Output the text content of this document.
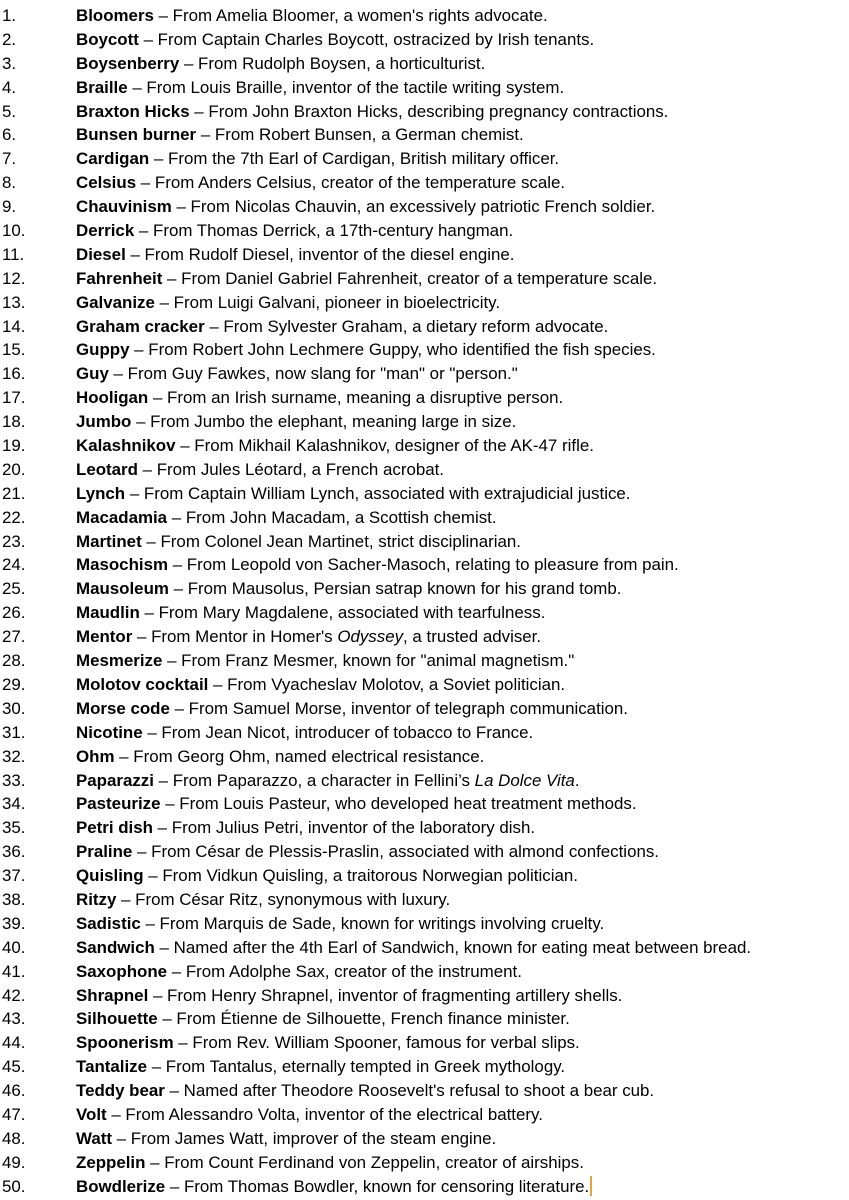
1.	Bloomers – From Amelia Bloomer, a women's rights advocate.
2.	Boycott – From Captain Charles Boycott, ostracized by Irish tenants.
3.	Boysenberry – From Rudolph Boysen, a horticulturist.
4.	Braille – From Louis Braille, inventor of the tactile writing system.
5.	Braxton Hicks – From John Braxton Hicks, describing pregnancy contractions.
6.	Bunsen burner – From Robert Bunsen, a German chemist.
7.	Cardigan – From the 7th Earl of Cardigan, British military officer.
8.	Celsius – From Anders Celsius, creator of the temperature scale.
9.	Chauvinism – From Nicolas Chauvin, an excessively patriotic French soldier.
10.	Derrick – From Thomas Derrick, a 17th-century hangman.
11.	Diesel – From Rudolf Diesel, inventor of the diesel engine.
12.	Fahrenheit – From Daniel Gabriel Fahrenheit, creator of a temperature scale.
13.	Galvanize – From Luigi Galvani, pioneer in bioelectricity.
14.	Graham cracker – From Sylvester Graham, a dietary reform advocate.
15.	Guppy – From Robert John Lechmere Guppy, who identified the fish species.
16.	Guy – From Guy Fawkes, now slang for "man" or "person."
17.	Hooligan – From an Irish surname, meaning a disruptive person.
18.	Jumbo – From Jumbo the elephant, meaning large in size.
19.	Kalashnikov – From Mikhail Kalashnikov, designer of the AK-47 rifle.
20.	Leotard – From Jules Léotard, a French acrobat.
21.	Lynch – From Captain William Lynch, associated with extrajudicial justice.
22.	Macadamia – From John Macadam, a Scottish chemist.
23.	Martinet – From Colonel Jean Martinet, strict disciplinarian.
24.	Masochism – From Leopold von Sacher-Masoch, relating to pleasure from pain.
25.	Mausoleum – From Mausolus, Persian satrap known for his grand tomb.
26.	Maudlin – From Mary Magdalene, associated with tearfulness.
27.	Mentor – From Mentor in Homer's Odyssey, a trusted adviser.
28.	Mesmerize – From Franz Mesmer, known for "animal magnetism."
29.	Molotov cocktail – From Vyacheslav Molotov, a Soviet politician.
30.	Morse code – From Samuel Morse, inventor of telegraph communication.
31.	Nicotine – From Jean Nicot, introducer of tobacco to France.
32.	Ohm – From Georg Ohm, named electrical resistance.
33.	Paparazzi – From Paparazzo, a character in Fellini’s La Dolce Vita.
34.	Pasteurize – From Louis Pasteur, who developed heat treatment methods.
35.	Petri dish – From Julius Petri, inventor of the laboratory dish.
36.	Praline – From César de Plessis-Praslin, associated with almond confections.
37.	Quisling – From Vidkun Quisling, a traitorous Norwegian politician.
38.	Ritzy – From César Ritz, synonymous with luxury.
39.	Sadistic – From Marquis de Sade, known for writings involving cruelty.
40.	Sandwich – Named after the 4th Earl of Sandwich, known for eating meat between bread.
41.	Saxophone – From Adolphe Sax, creator of the instrument.
42.	Shrapnel – From Henry Shrapnel, inventor of fragmenting artillery shells.
43.	Silhouette – From Étienne de Silhouette, French finance minister.
44.	Spoonerism – From Rev. William Spooner, famous for verbal slips.
45.	Tantalize – From Tantalus, eternally tempted in Greek mythology.
46.	Teddy bear – Named after Theodore Roosevelt's refusal to shoot a bear cub.
47.	Volt – From Alessandro Volta, inventor of the electrical battery.
48.	Watt – From James Watt, improver of the steam engine.
49.	Zeppelin – From Count Ferdinand von Zeppelin, creator of airships.
50.	Bowdlerize – From Thomas Bowdler, known for censoring literature.
